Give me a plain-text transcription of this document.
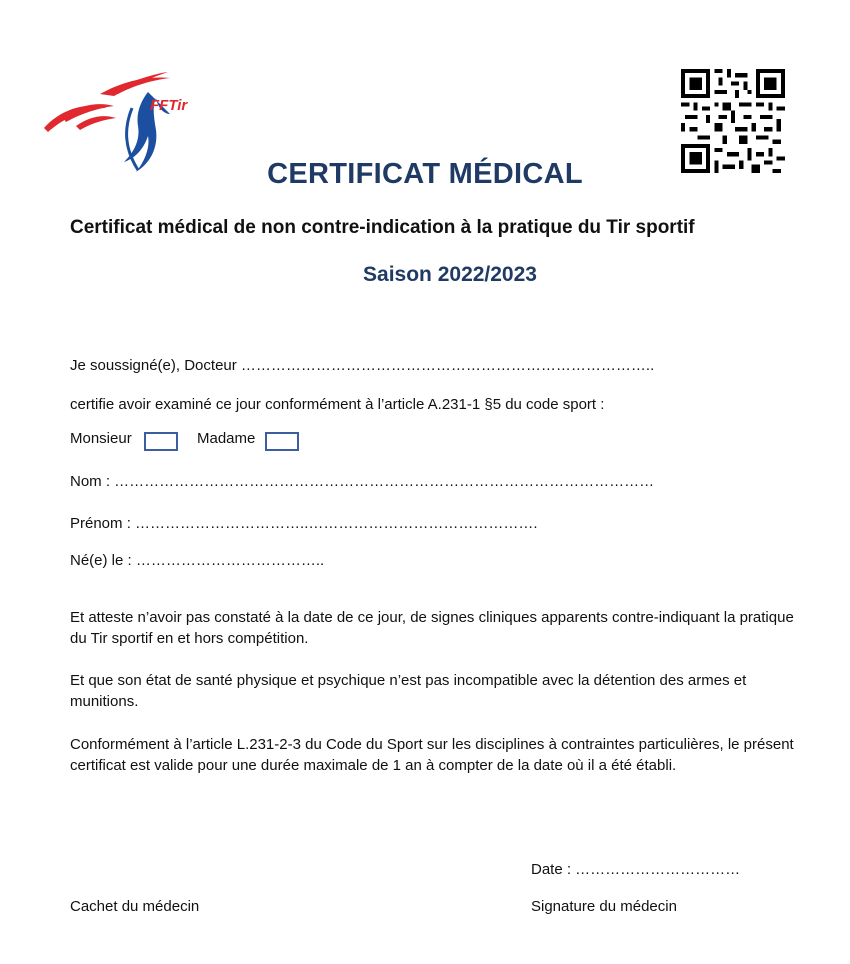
FFTir
CERTIFICAT MÉDICAL
Certificat médical de non contre-indication à la pratique du Tir sportif
Saison 2022/2023
Je soussigné(e), Docteur ………………………………………………………………………..
certifie avoir examiné ce jour conformément à l’article A.231-1 §5 du code sport :
Monsieur	Madame
Nom : ………………………………………………………………………………………………
Prénom : ……………………………..……………………………………….
Né(e) le : ………………………………..
Et atteste n’avoir pas constaté à la date de ce jour, de signes cliniques apparents contre-indiquant la pratique du Tir sportif en et hors compétition.
Et que son état de santé physique et psychique n’est pas incompatible avec la détention des armes et munitions.
Conformément à l’article L.231-2-3 du Code du Sport sur les disciplines à contraintes particulières, le présent certificat est valide pour une durée maximale de 1 an à compter de la date où il a été établi.
Date : ……………………………
Cachet du médecin	Signature du médecin
